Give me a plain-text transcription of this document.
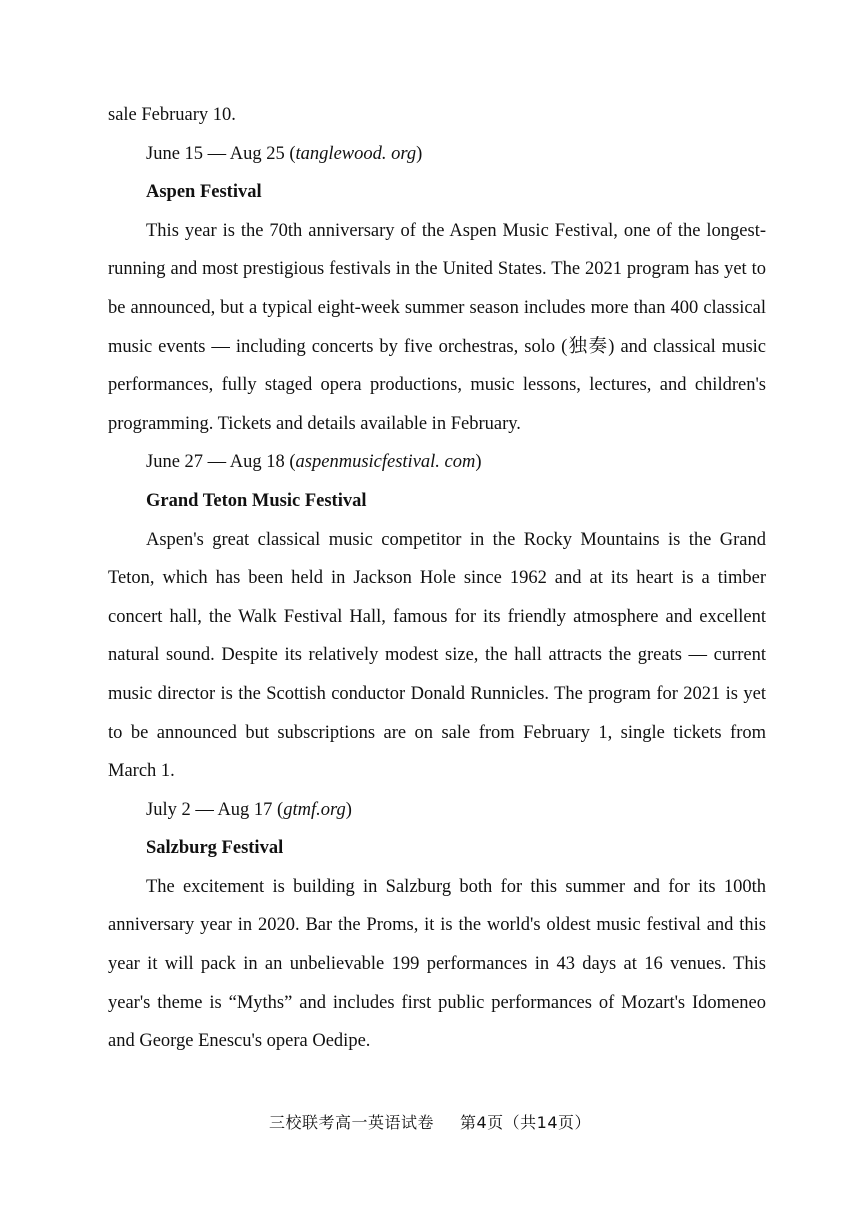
sale February 10.

June 15 — Aug 25 (tanglewood. org)

Aspen Festival

This year is the 70th anniversary of the Aspen Music Festival, one of the longest‐running and most prestigious festivals in the United States. The 2021 program has yet to be announced, but a typical eight‐week summer season includes more than 400 classical music events — including concerts by five orchestras, solo (独奏) and classical music performances, fully staged opera productions, music lessons, lectures, and children's programming. Tickets and details available in February.

June 27 — Aug 18 (aspenmusicfestival. com)

Grand Teton Music Festival

Aspen's great classical music competitor in the Rocky Mountains is the Grand Teton, which has been held in Jackson Hole since 1962 and at its heart is a timber concert hall, the Walk Festival Hall, famous for its friendly atmosphere and excellent natural sound. Despite its relatively modest size, the hall attracts the greats — current music director is the Scottish conductor Donald Runnicles. The program for 2021 is yet to be announced but subscriptions are on sale from February 1, single tickets from March 1.

July 2 — Aug 17 (gtmf.org)

Salzburg Festival

The excitement is building in Salzburg both for this summer and for its 100th anniversary year in 2020. Bar the Proms, it is the world's oldest music festival and this year it will pack in an unbelievable 199 performances in 43 days at 16 venues. This year's theme is “Myths” and includes first public performances of Mozart's Idomeneo and George Enescu's opera Oedipe.

三校联考高一英语试卷 第4页（共14页）
